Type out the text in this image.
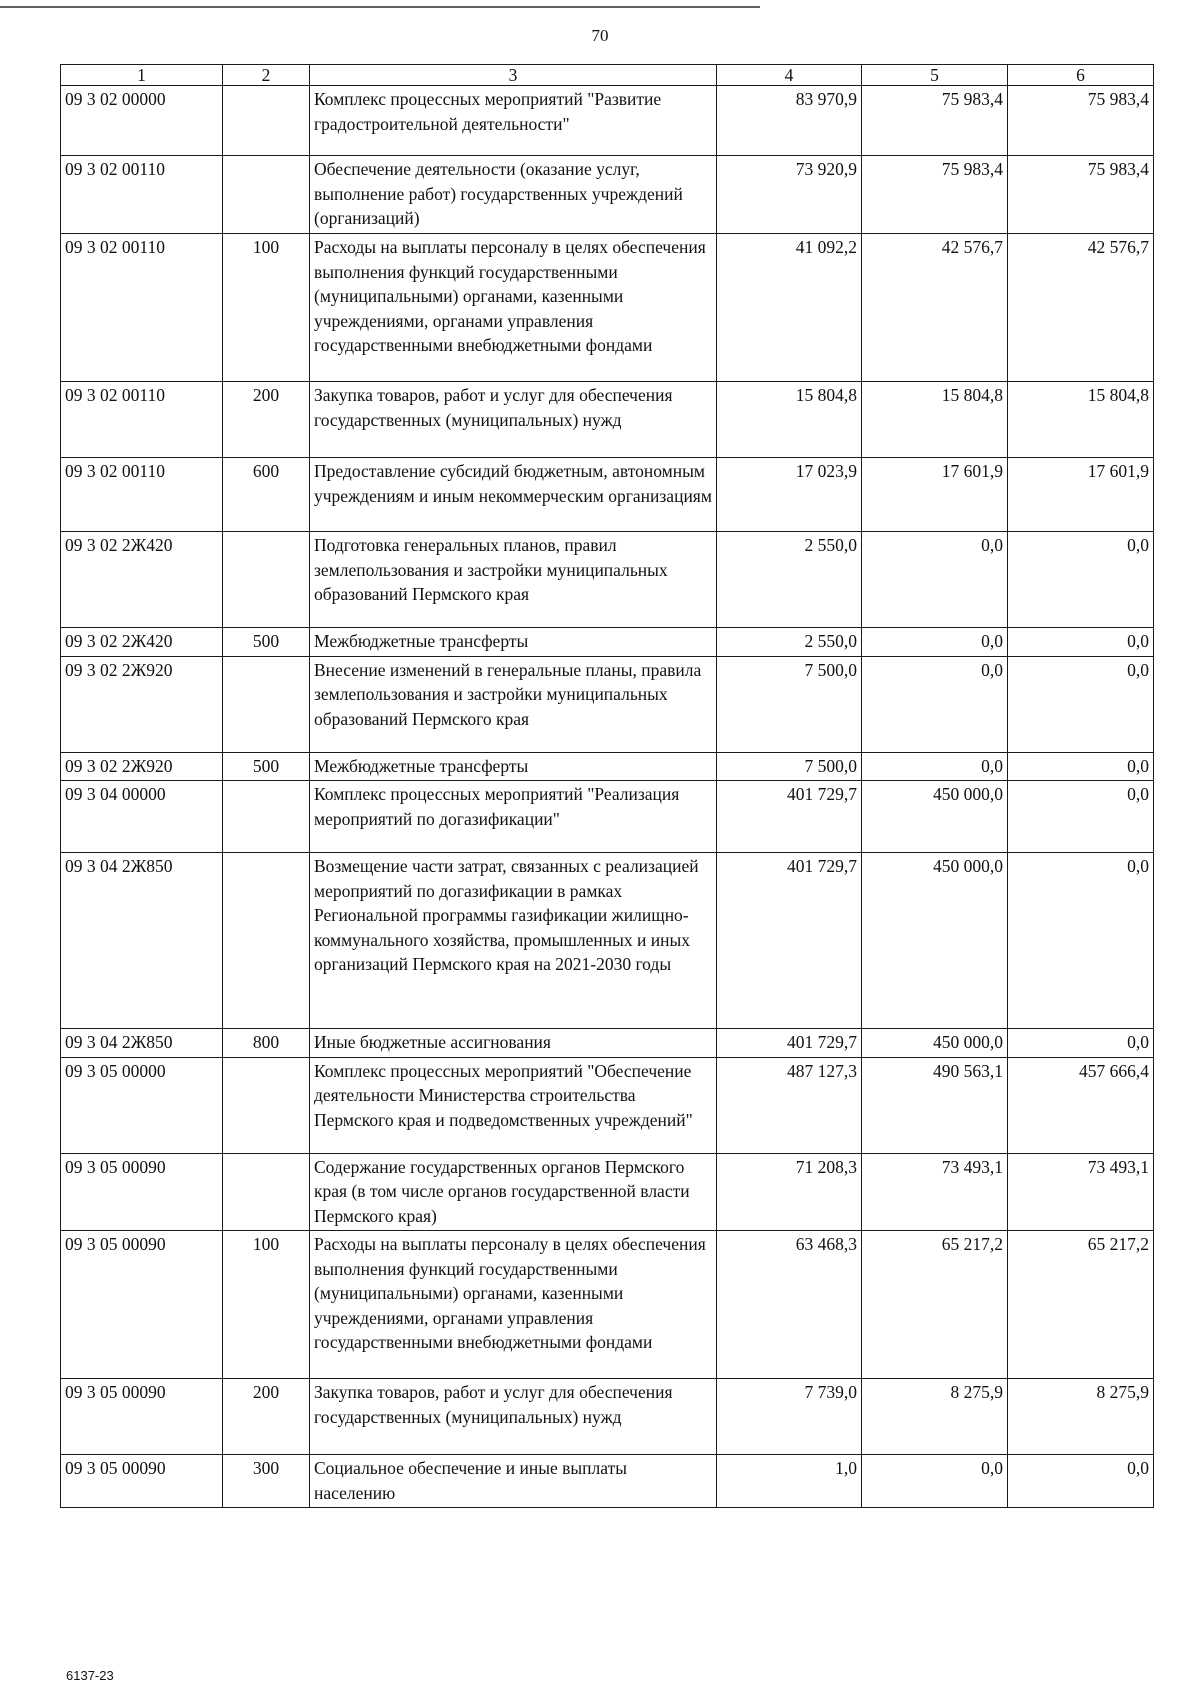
70
1	2	3	4	5	6
09 3 02 00000		Комплекс процессных мероприятий "Развитие градостроительной деятельности"	83 970,9	75 983,4	75 983,4
09 3 02 00110		Обеспечение деятельности (оказание услуг, выполнение работ) государственных учреждений (организаций)	73 920,9	75 983,4	75 983,4
09 3 02 00110	100	Расходы на выплаты персоналу в целях обеспечения выполнения функций государственными (муниципальными) органами, казенными учреждениями, органами управления государственными внебюджетными фондами	41 092,2	42 576,7	42 576,7
09 3 02 00110	200	Закупка товаров, работ и услуг для обеспечения государственных (муниципальных) нужд	15 804,8	15 804,8	15 804,8
09 3 02 00110	600	Предоставление субсидий бюджетным, автономным учреждениям и иным некоммерческим организациям	17 023,9	17 601,9	17 601,9
09 3 02 2Ж420		Подготовка генеральных планов, правил землепользования и застройки муниципальных образований Пермского края	2 550,0	0,0	0,0
09 3 02 2Ж420	500	Межбюджетные трансферты	2 550,0	0,0	0,0
09 3 02 2Ж920		Внесение изменений в генеральные планы, правила землепользования и застройки муниципальных образований Пермского края	7 500,0	0,0	0,0
09 3 02 2Ж920	500	Межбюджетные трансферты	7 500,0	0,0	0,0
09 3 04 00000		Комплекс процессных мероприятий "Реализация мероприятий по догазификации"	401 729,7	450 000,0	0,0
09 3 04 2Ж850		Возмещение части затрат, связанных с реализацией мероприятий по догазификации в рамках Региональной программы газификации жилищно-коммунального хозяйства, промышленных и иных организаций Пермского края на 2021-2030 годы	401 729,7	450 000,0	0,0
09 3 04 2Ж850	800	Иные бюджетные ассигнования	401 729,7	450 000,0	0,0
09 3 05 00000		Комплекс процессных мероприятий "Обеспечение деятельности Министерства строительства Пермского края и подведомственных учреждений"	487 127,3	490 563,1	457 666,4
09 3 05 00090		Содержание государственных органов Пермского края (в том числе органов государственной власти Пермского края)	71 208,3	73 493,1	73 493,1
09 3 05 00090	100	Расходы на выплаты персоналу в целях обеспечения выполнения функций государственными (муниципальными) органами, казенными учреждениями, органами управления государственными внебюджетными фондами	63 468,3	65 217,2	65 217,2
09 3 05 00090	200	Закупка товаров, работ и услуг для обеспечения государственных (муниципальных) нужд	7 739,0	8 275,9	8 275,9
09 3 05 00090	300	Социальное обеспечение и иные выплаты населению	1,0	0,0	0,0
6137-23
